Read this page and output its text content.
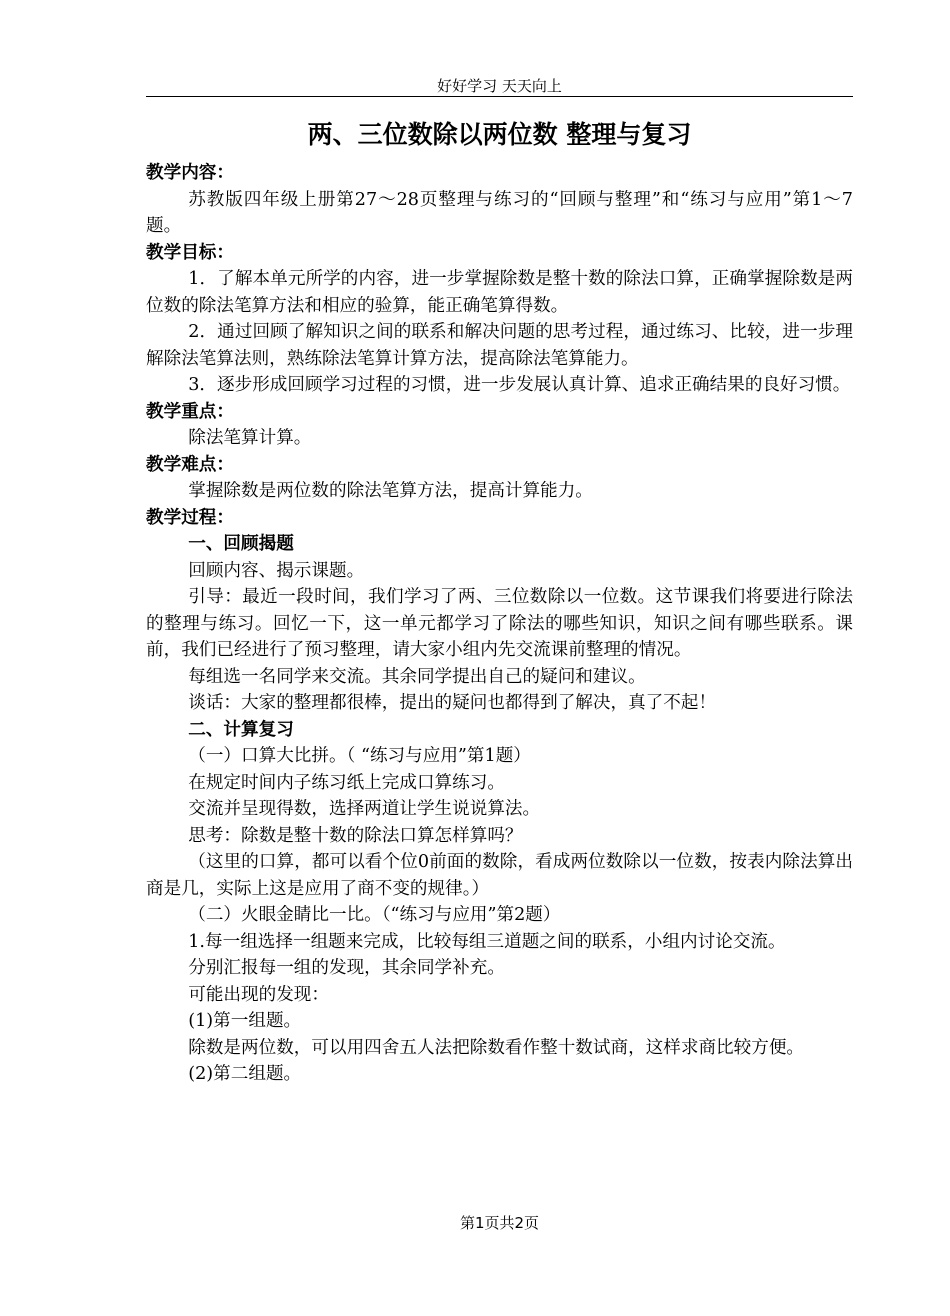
好好学习 天天向上
两、三位数除以两位数 整理与复习

教学内容：

苏教版四年级上册第27～28页整理与练习的“回顾与整理”和“练习与应用”第1～7题。

教学目标：

1．了解本单元所学的内容，进一步掌握除数是整十数的除法口算，正确掌握除数是两位数的除法笔算方法和相应的验算，能正确笔算得数。

2．通过回顾了解知识之间的联系和解决问题的思考过程，通过练习、比较，进一步理解除法笔算法则，熟练除法笔算计算方法，提高除法笔算能力。

3．逐步形成回顾学习过程的习惯，进一步发展认真计算、追求正确结果的良好习惯。

教学重点：

除法笔算计算。

教学难点：

掌握除数是两位数的除法笔算方法，提高计算能力。

教学过程：

一、回顾揭题

回顾内容、揭示课题。

引导：最近一段时间，我们学习了两、三位数除以一位数。这节课我们将要进行除法的整理与练习。回忆一下，这一单元都学习了除法的哪些知识，知识之间有哪些联系。课前，我们已经进行了预习整理，请大家小组内先交流课前整理的情况。

每组选一名同学来交流。其余同学提出自己的疑问和建议。

谈话：大家的整理都很棒，提出的疑问也都得到了解决，真了不起！

二、计算复习

（一）口算大比拼。（ “练习与应用”第1题）

在规定时间内子练习纸上完成口算练习。

交流并呈现得数，选择两道让学生说说算法。

思考：除数是整十数的除法口算怎样算吗？

（这里的口算，都可以看个位0前面的数除，看成两位数除以一位数，按表内除法算出商是几，实际上这是应用了商不变的规律。）

（二）火眼金睛比一比。（“练习与应用”第2题）

1.每一组选择一组题来完成，比较每组三道题之间的联系，小组内讨论交流。

分别汇报每一组的发现，其余同学补充。

可能出现的发现：

(1)第一组题。

除数是两位数，可以用四舍五人法把除数看作整十数试商，这样求商比较方便。

(2)第二组题。

第1页共2页
